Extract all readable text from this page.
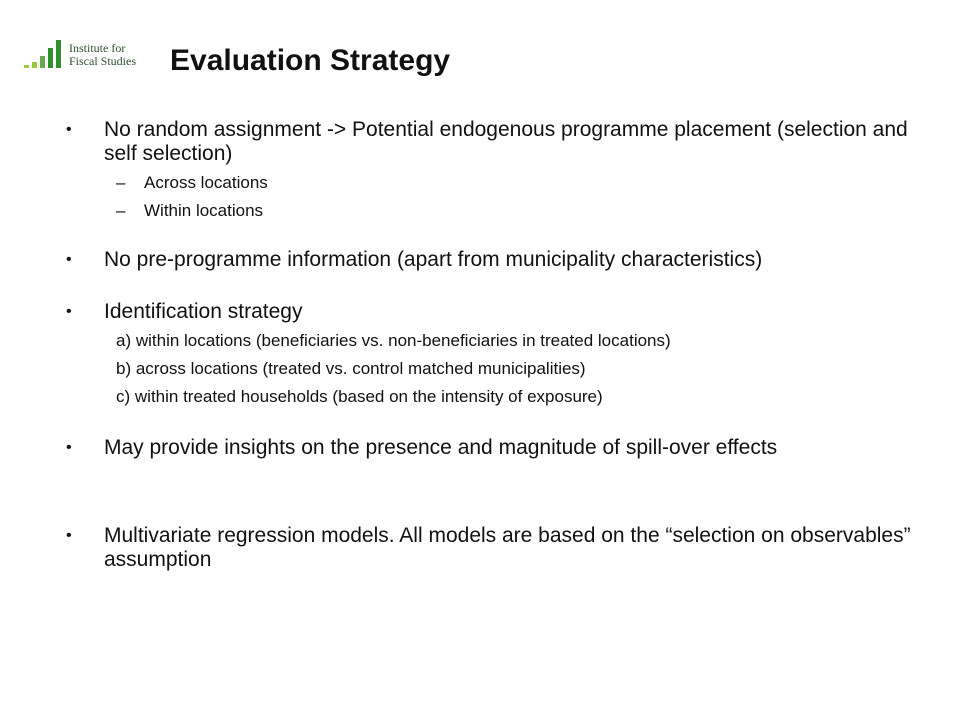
Institute for
Fiscal Studies Evaluation Strategy
•	No random assignment -> Potential endogenous programme placement (selection and self selection)
–	Across locations
–	Within locations
•	No pre-programme information (apart from municipality characteristics)
•	Identification strategy
a) within locations (beneficiaries vs. non-beneficiaries in treated locations)
b) across locations (treated vs. control matched municipalities)
c) within treated households (based on the intensity of exposure)
•	May provide insights on the presence and magnitude of spill-over effects
•	Multivariate regression models. All models are based on the “selection on observables” assumption
